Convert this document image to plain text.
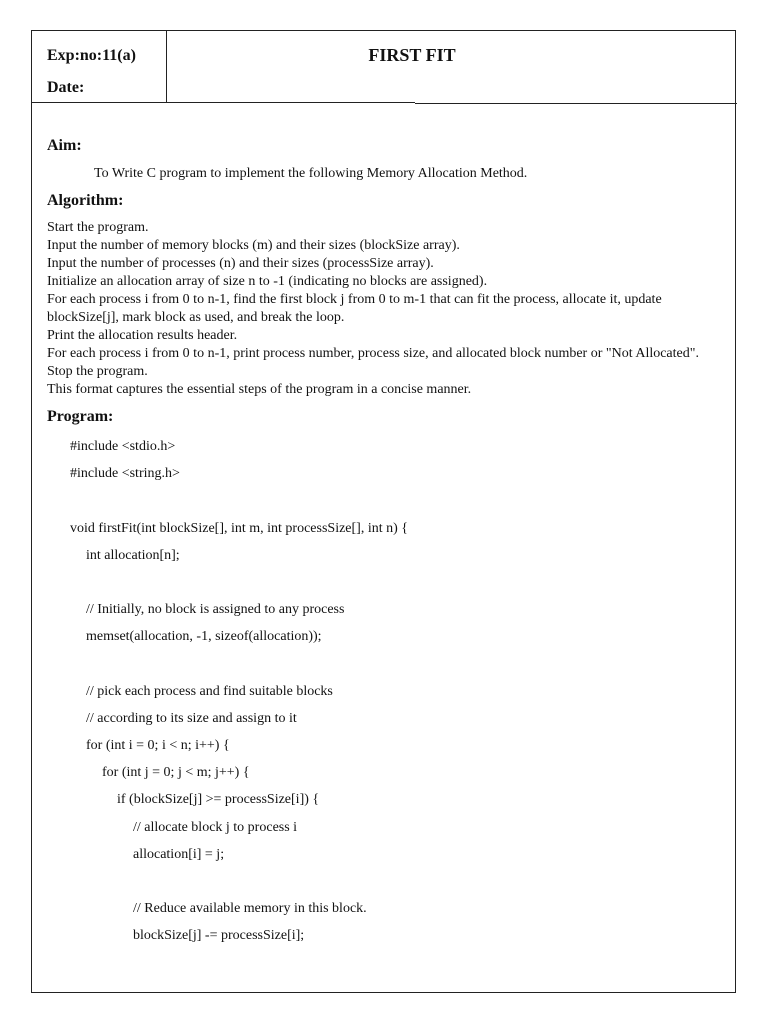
Exp:no:11(a)
Date:
FIRST FIT
Aim:

To Write C program to implement the following Memory Allocation Method.

Algorithm:
Start the program.
Input the number of memory blocks (m) and their sizes (blockSize array).
Input the number of processes (n) and their sizes (processSize array).
Initialize an allocation array of size n to -1 (indicating no blocks are assigned).
For each process i from 0 to n-1, find the first block j from 0 to m-1 that can fit the process, allocate it, update blockSize[j], mark block as used, and break the loop.
Print the allocation results header.
For each process i from 0 to n-1, print process number, process size, and allocated block number or "Not Allocated".
Stop the program.
This format captures the essential steps of the program in a concise manner.
Program:
#include <stdio.h>
#include <string.h>
void firstFit(int blockSize[], int m, int processSize[], int n) {
int allocation[n];
// Initially, no block is assigned to any process
memset(allocation, -1, sizeof(allocation));
// pick each process and find suitable blocks
// according to its size and assign to it
for (int i = 0; i < n; i++) {
for (int j = 0; j < m; j++) {
if (blockSize[j] >= processSize[i]) {
// allocate block j to process i
allocation[i] = j;
// Reduce available memory in this block.
blockSize[j] -= processSize[i];
